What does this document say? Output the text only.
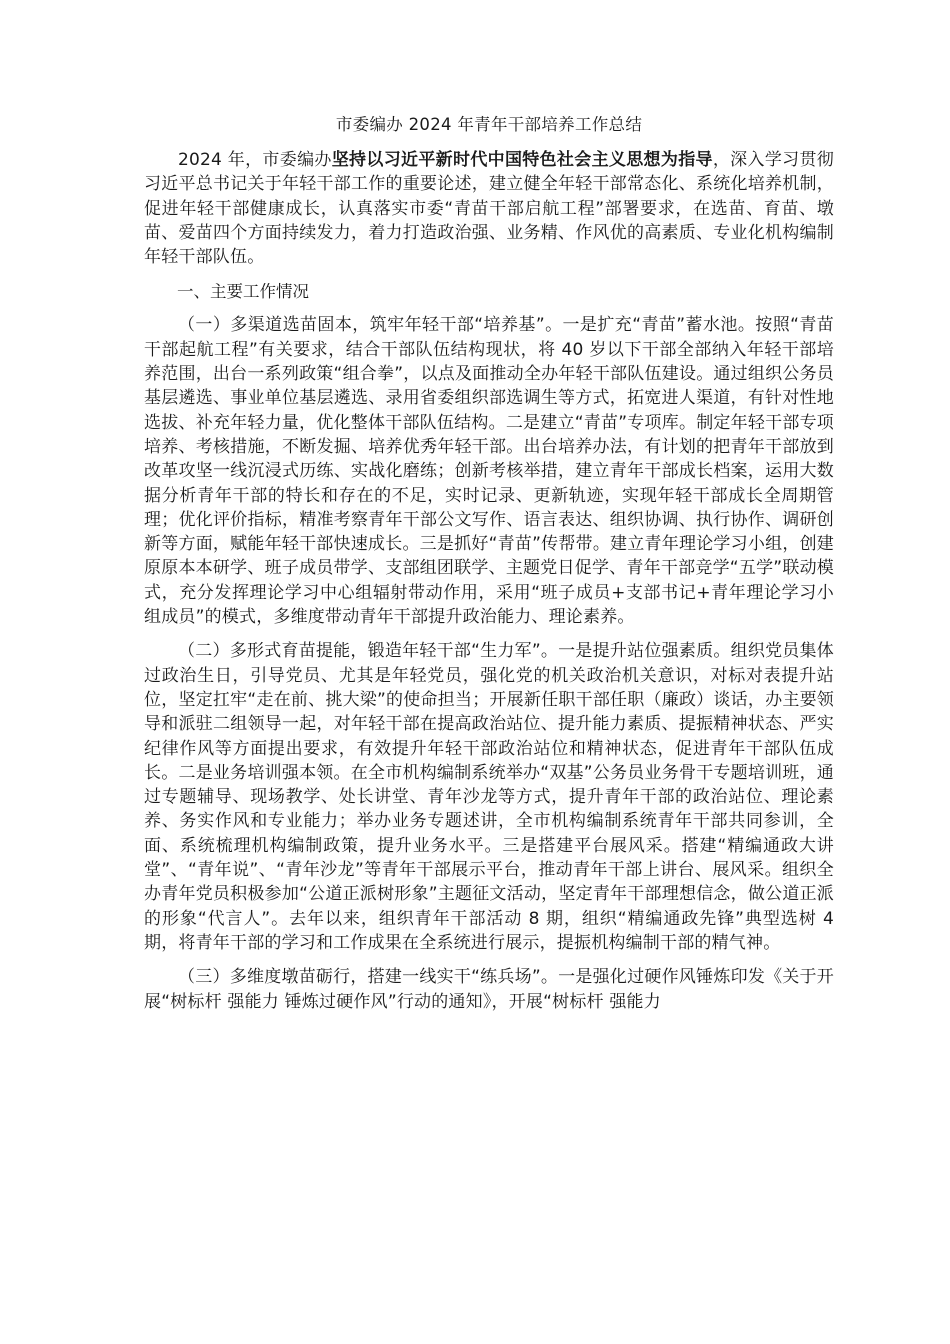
市委编办 2024 年青年干部培养工作总结

2024 年，市委编办坚持以习近平新时代中国特色社会主义思想为指导，深入学习贯彻习近平总书记关于年轻干部工作的重要论述，建立健全年轻干部常态化、系统化培养机制，促进年轻干部健康成长，认真落实市委“青苗干部启航工程”部署要求，在选苗、育苗、墩苗、爱苗四个方面持续发力，着力打造政治强、业务精、作风优的高素质、专业化机构编制年轻干部队伍。

一、主要工作情况

（一）多渠道选苗固本，筑牢年轻干部“培养基”。一是扩充“青苗”蓄水池。按照“青苗干部起航工程”有关要求，结合干部队伍结构现状，将 40 岁以下干部全部纳入年轻干部培养范围，出台一系列政策“组合拳”，以点及面推动全办年轻干部队伍建设。通过组织公务员基层遴选、事业单位基层遴选、录用省委组织部选调生等方式，拓宽进人渠道，有针对性地选拔、补充年轻力量，优化整体干部队伍结构。二是建立“青苗”专项库。制定年轻干部专项培养、考核措施，不断发掘、培养优秀年轻干部。出台培养办法，有计划的把青年干部放到改革攻坚一线沉浸式历练、实战化磨练；创新考核举措，建立青年干部成长档案，运用大数据分析青年干部的特长和存在的不足，实时记录、更新轨迹，实现年轻干部成长全周期管理；优化评价指标，精准考察青年干部公文写作、语言表达、组织协调、执行协作、调研创新等方面，赋能年轻干部快速成长。三是抓好“青苗”传帮带。建立青年理论学习小组，创建原原本本研学、班子成员带学、支部组团联学、主题党日促学、青年干部竞学“五学”联动模式，充分发挥理论学习中心组辐射带动作用，采用“班子成员+支部书记+青年理论学习小组成员”的模式，多维度带动青年干部提升政治能力、理论素养。

（二）多形式育苗提能，锻造年轻干部“生力军”。一是提升站位强素质。组织党员集体过政治生日，引导党员、尤其是年轻党员，强化党的机关政治机关意识，对标对表提升站位，坚定扛牢“走在前、挑大梁”的使命担当；开展新任职干部任职（廉政）谈话，办主要领导和派驻二组领导一起，对年轻干部在提高政治站位、提升能力素质、提振精神状态、严实纪律作风等方面提出要求，有效提升年轻干部政治站位和精神状态，促进青年干部队伍成长。二是业务培训强本领。在全市机构编制系统举办“双基”公务员业务骨干专题培训班，通过专题辅导、现场教学、处长讲堂、青年沙龙等方式，提升青年干部的政治站位、理论素养、务实作风和专业能力；举办业务专题述讲，全市机构编制系统青年干部共同参训，全面、系统梳理机构编制政策，提升业务水平。三是搭建平台展风采。搭建“精编通政大讲堂”、“青年说”、“青年沙龙”等青年干部展示平台，推动青年干部上讲台、展风采。组织全办青年党员积极参加“公道正派树形象”主题征文活动，坚定青年干部理想信念，做公道正派的形象“代言人”。去年以来，组织青年干部活动 8 期，组织“精编通政先锋”典型选树 4 期，将青年干部的学习和工作成果在全系统进行展示，提振机构编制干部的精气神。

（三）多维度墩苗砺行，搭建一线实干“练兵场”。一是强化过硬作风锤炼印发《关于开展“树标杆 强能力 锤炼过硬作风”行动的通知》，开展“树标杆 强能力
